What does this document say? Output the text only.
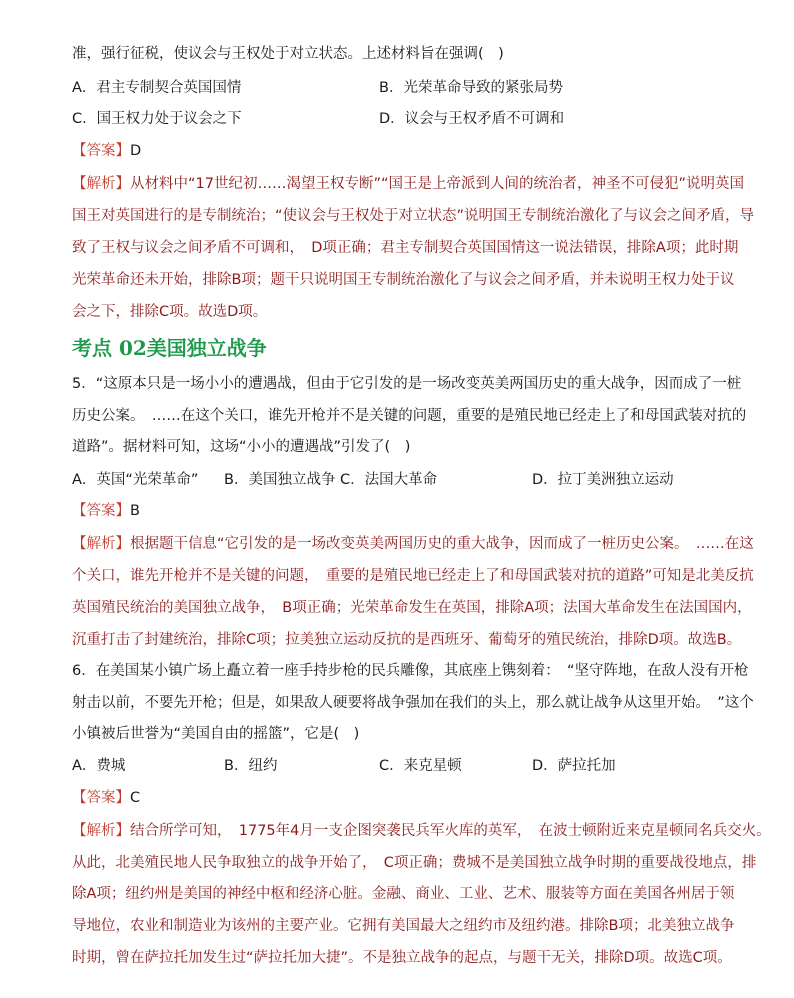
准，强行征税，使议会与王权处于对立状态。上述材料旨在强调(　)
A．君主专制契合英国国情	B．光荣革命导致的紧张局势
C．国王权力处于议会之下	D．议会与王权矛盾不可调和
【答案】D
【解析】从材料中“17世纪初……渴望王权专断”“国王是上帝派到人间的统治者，神圣不可侵犯”说明英国
国王对英国进行的是专制统治；“使议会与王权处于对立状态”说明国王专制统治激化了与议会之间矛盾，导
致了王权与议会之间矛盾不可调和，　D项正确；君主专制契合英国国情这一说法错误，排除A项；此时期
光荣革命还未开始，排除B项；题干只说明国王专制统治激化了与议会之间矛盾，并未说明王权力处于议
会之下，排除C项。故选D项。
考点 02美国独立战争
5．“这原本只是一场小小的遭遇战，但由于它引发的是一场改变英美两国历史的重大战争，因而成了一桩
历史公案。　……在这个关口，谁先开枪并不是关键的问题，重要的是殖民地已经走上了和母国武装对抗的
道路”。据材料可知，这场“小小的遭遇战”引发了(　)
A．英国“光荣革命” B．美国独立战争 C．法国大革命	D．拉丁美洲独立运动
【答案】B
【解析】根据题干信息“它引发的是一场改变英美两国历史的重大战争，因而成了一桩历史公案。　……在这
个关口，谁先开枪并不是关键的问题，　重要的是殖民地已经走上了和母国武装对抗的道路”可知是北美反抗
英国殖民统治的美国独立战争，　B项正确；光荣革命发生在英国，排除A项；法国大革命发生在法国国内，
沉重打击了封建统治，排除C项；拉美独立运动反抗的是西班牙、葡萄牙的殖民统治，排除D项。故选B。
6．在美国某小镇广场上矗立着一座手持步枪的民兵雕像，其底座上镌刻着：　“坚守阵地，在敌人没有开枪
射击以前，不要先开枪；但是，如果敌人硬要将战争强加在我们的头上，那么就让战争从这里开始。　”这个
小镇被后世誉为“美国自由的摇篮”，它是(　)
A．费城	B．纽约	C．来克星顿	D．萨拉托加
【答案】C
【解析】结合所学可知，　1775年4月一支企图突袭民兵军火库的英军，　在波士顿附近来克星顿同名兵交火。
从此，北美殖民地人民争取独立的战争开始了，　C项正确；费城不是美国独立战争时期的重要战役地点，排
除A项；纽约州是美国的神经中枢和经济心脏。金融、商业、工业、艺术、服装等方面在美国各州居于领
导地位，农业和制造业为该州的主要产业。它拥有美国最大之纽约市及纽约港。排除B项；北美独立战争
时期，曾在萨拉托加发生过“萨拉托加大捷”。不是独立战争的起点，与题干无关，排除D项。故选C项。
